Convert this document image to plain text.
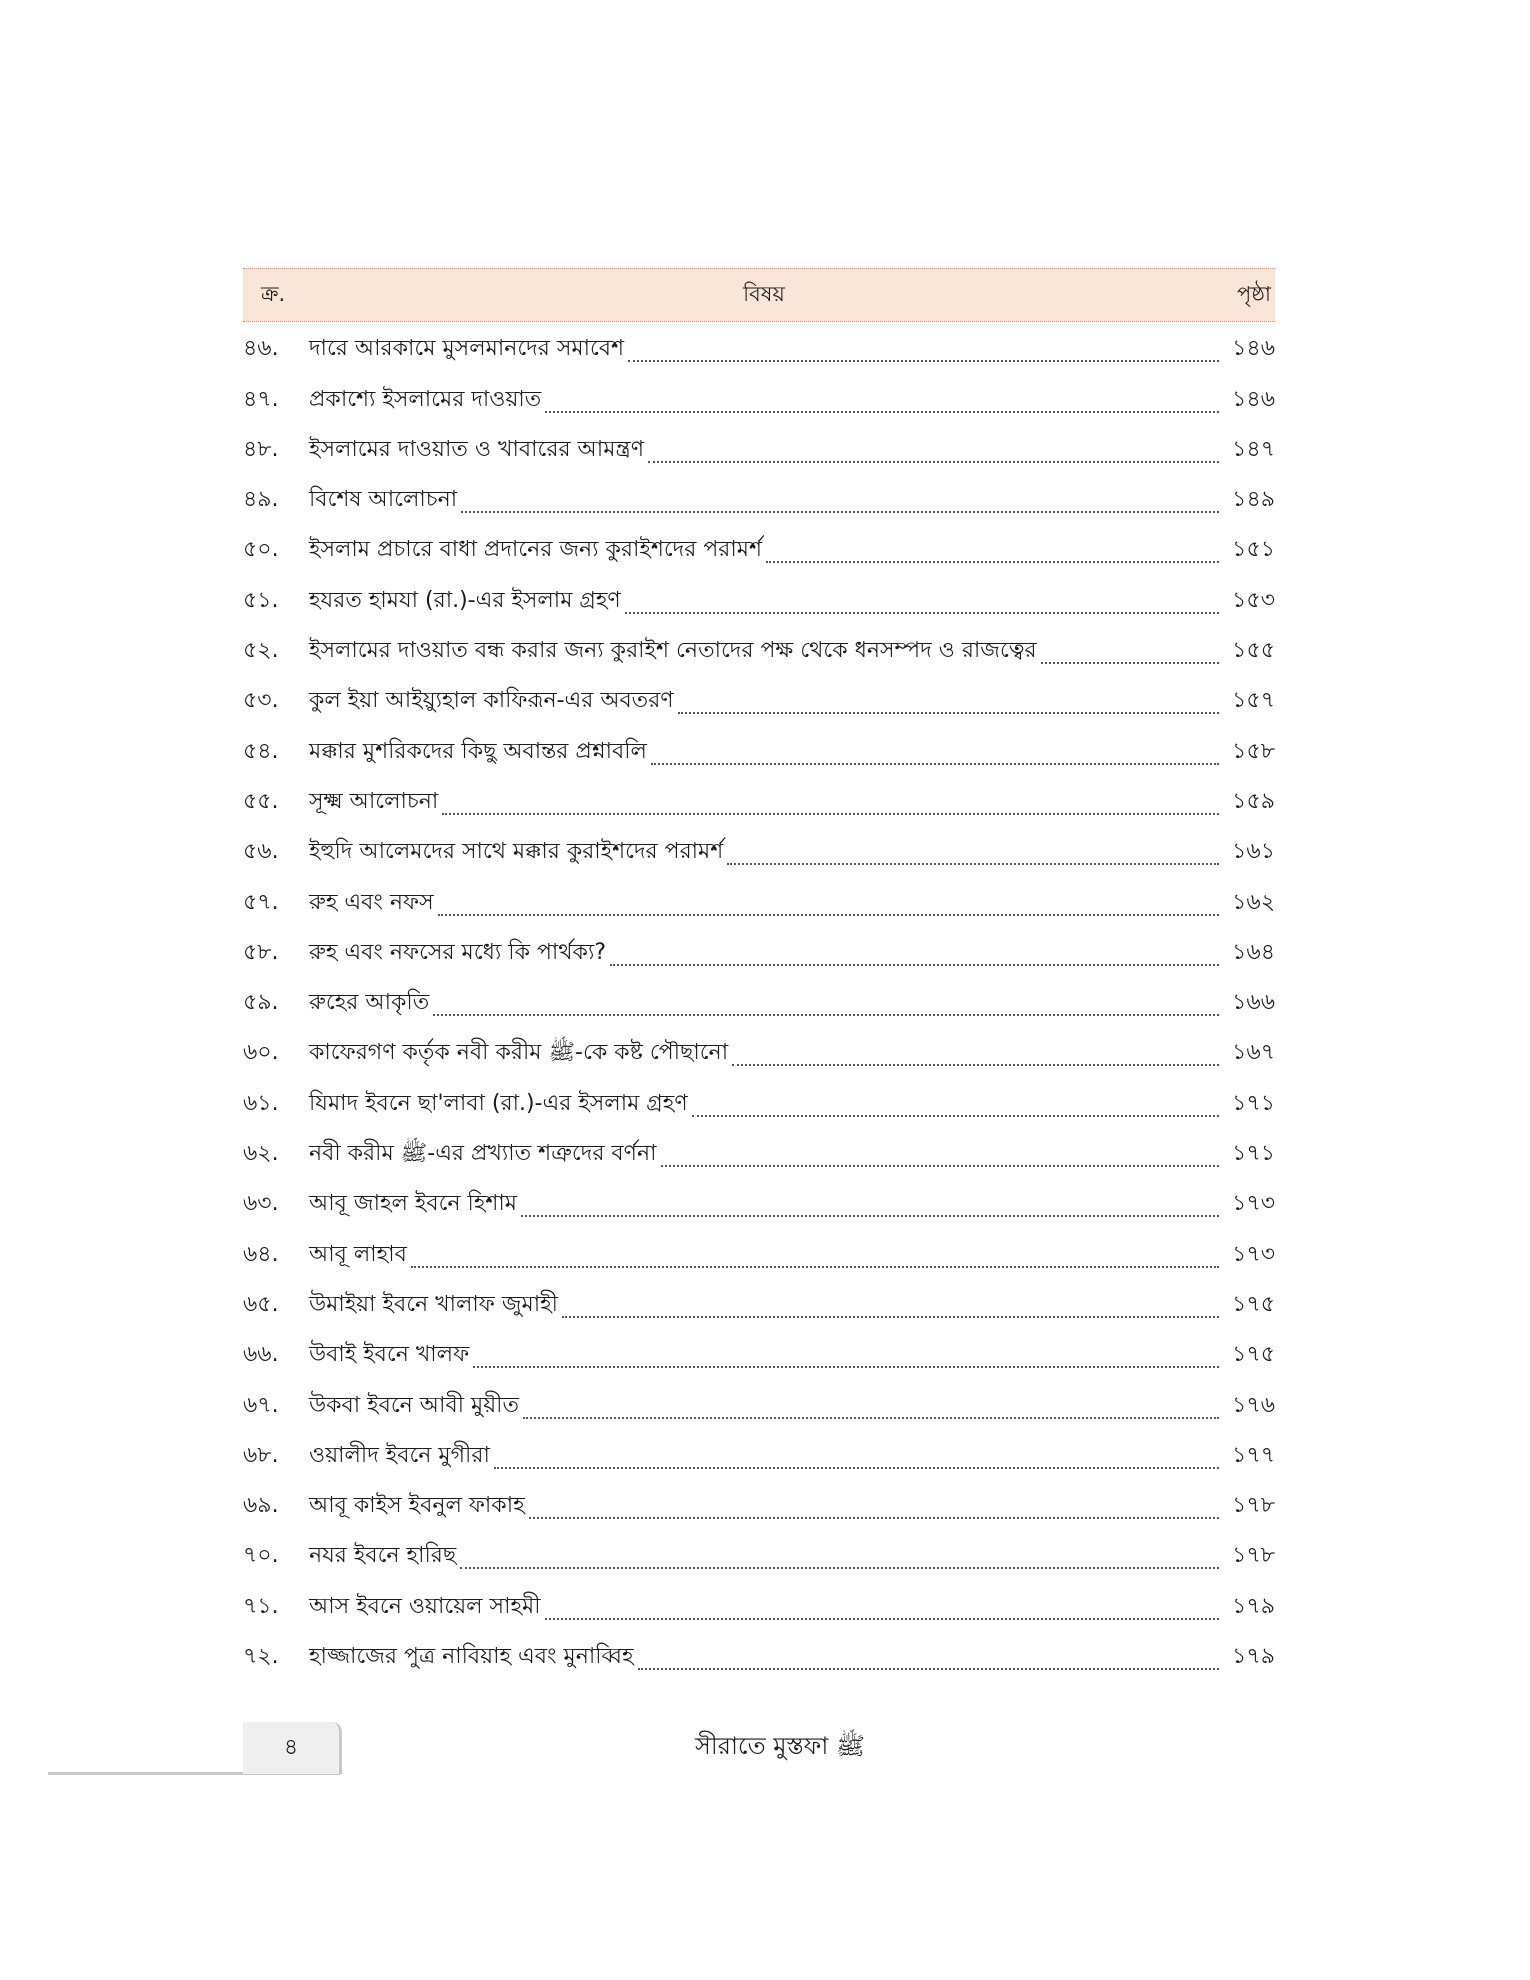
ক্র.	বিষয়	পৃষ্ঠা
৪৬.	দারে আরকামে মুসলমানদের সমাবেশ	১৪৬
৪৭.	প্রকাশ্যে ইসলামের দাওয়াত	১৪৬
৪৮.	ইসলামের দাওয়াত ও খাবারের আমন্ত্রণ	১৪৭
৪৯.	বিশেষ আলোচনা	১৪৯
৫০.	ইসলাম প্রচারে বাধা প্রদানের জন্য কুরাইশদের পরামর্শ	১৫১
৫১.	হযরত হামযা (রা.)-এর ইসলাম গ্রহণ	১৫৩
৫২.	ইসলামের দাওয়াত বন্ধ করার জন্য কুরাইশ নেতাদের পক্ষ থেকে ধনসম্পদ ও রাজত্বের	১৫৫
৫৩.	কুল ইয়া আইয়্যুহাল কাফিরূন-এর অবতরণ	১৫৭
৫৪.	মক্কার মুশরিকদের কিছু অবান্তর প্রশ্নাবলি	১৫৮
৫৫.	সূক্ষ্ম আলোচনা	১৫৯
৫৬.	ইহুদি আলেমদের সাথে মক্কার কুরাইশদের পরামর্শ	১৬১
৫৭.	রুহ এবং নফস	১৬২
৫৮.	রুহ এবং নফসের মধ্যে কি পার্থক্য?	১৬৪
৫৯.	রুহের আকৃতি	১৬৬
৬০.	কাফেরগণ কর্তৃক নবী করীম ﷺ-কে কষ্ট পৌছানো	১৬৭
৬১.	যিমাদ ইবনে ছা'লাবা (রা.)-এর ইসলাম গ্রহণ	১৭১
৬২.	নবী করীম ﷺ-এর প্রখ্যাত শত্রুদের বর্ণনা	১৭১
৬৩.	আবূ জাহল ইবনে হিশাম	১৭৩
৬৪.	আবূ লাহাব	১৭৩
৬৫.	উমাইয়া ইবনে খালাফ জুমাহী	১৭৫
৬৬.	উবাই ইবনে খালফ	১৭৫
৬৭.	উকবা ইবনে আবী মুয়ীত	১৭৬
৬৮.	ওয়ালীদ ইবনে মুগীরা	১৭৭
৬৯.	আবূ কাইস ইবনুল ফাকাহ	১৭৮
৭০.	নযর ইবনে হারিছ	১৭৮
৭১.	আস ইবনে ওয়ায়েল সাহমী	১৭৯
৭২.	হাজ্জাজের পুত্র নাবিয়াহ এবং মুনাব্বিহ	১৭৯
৪	সীরাতে মুস্তফা ﷺ
